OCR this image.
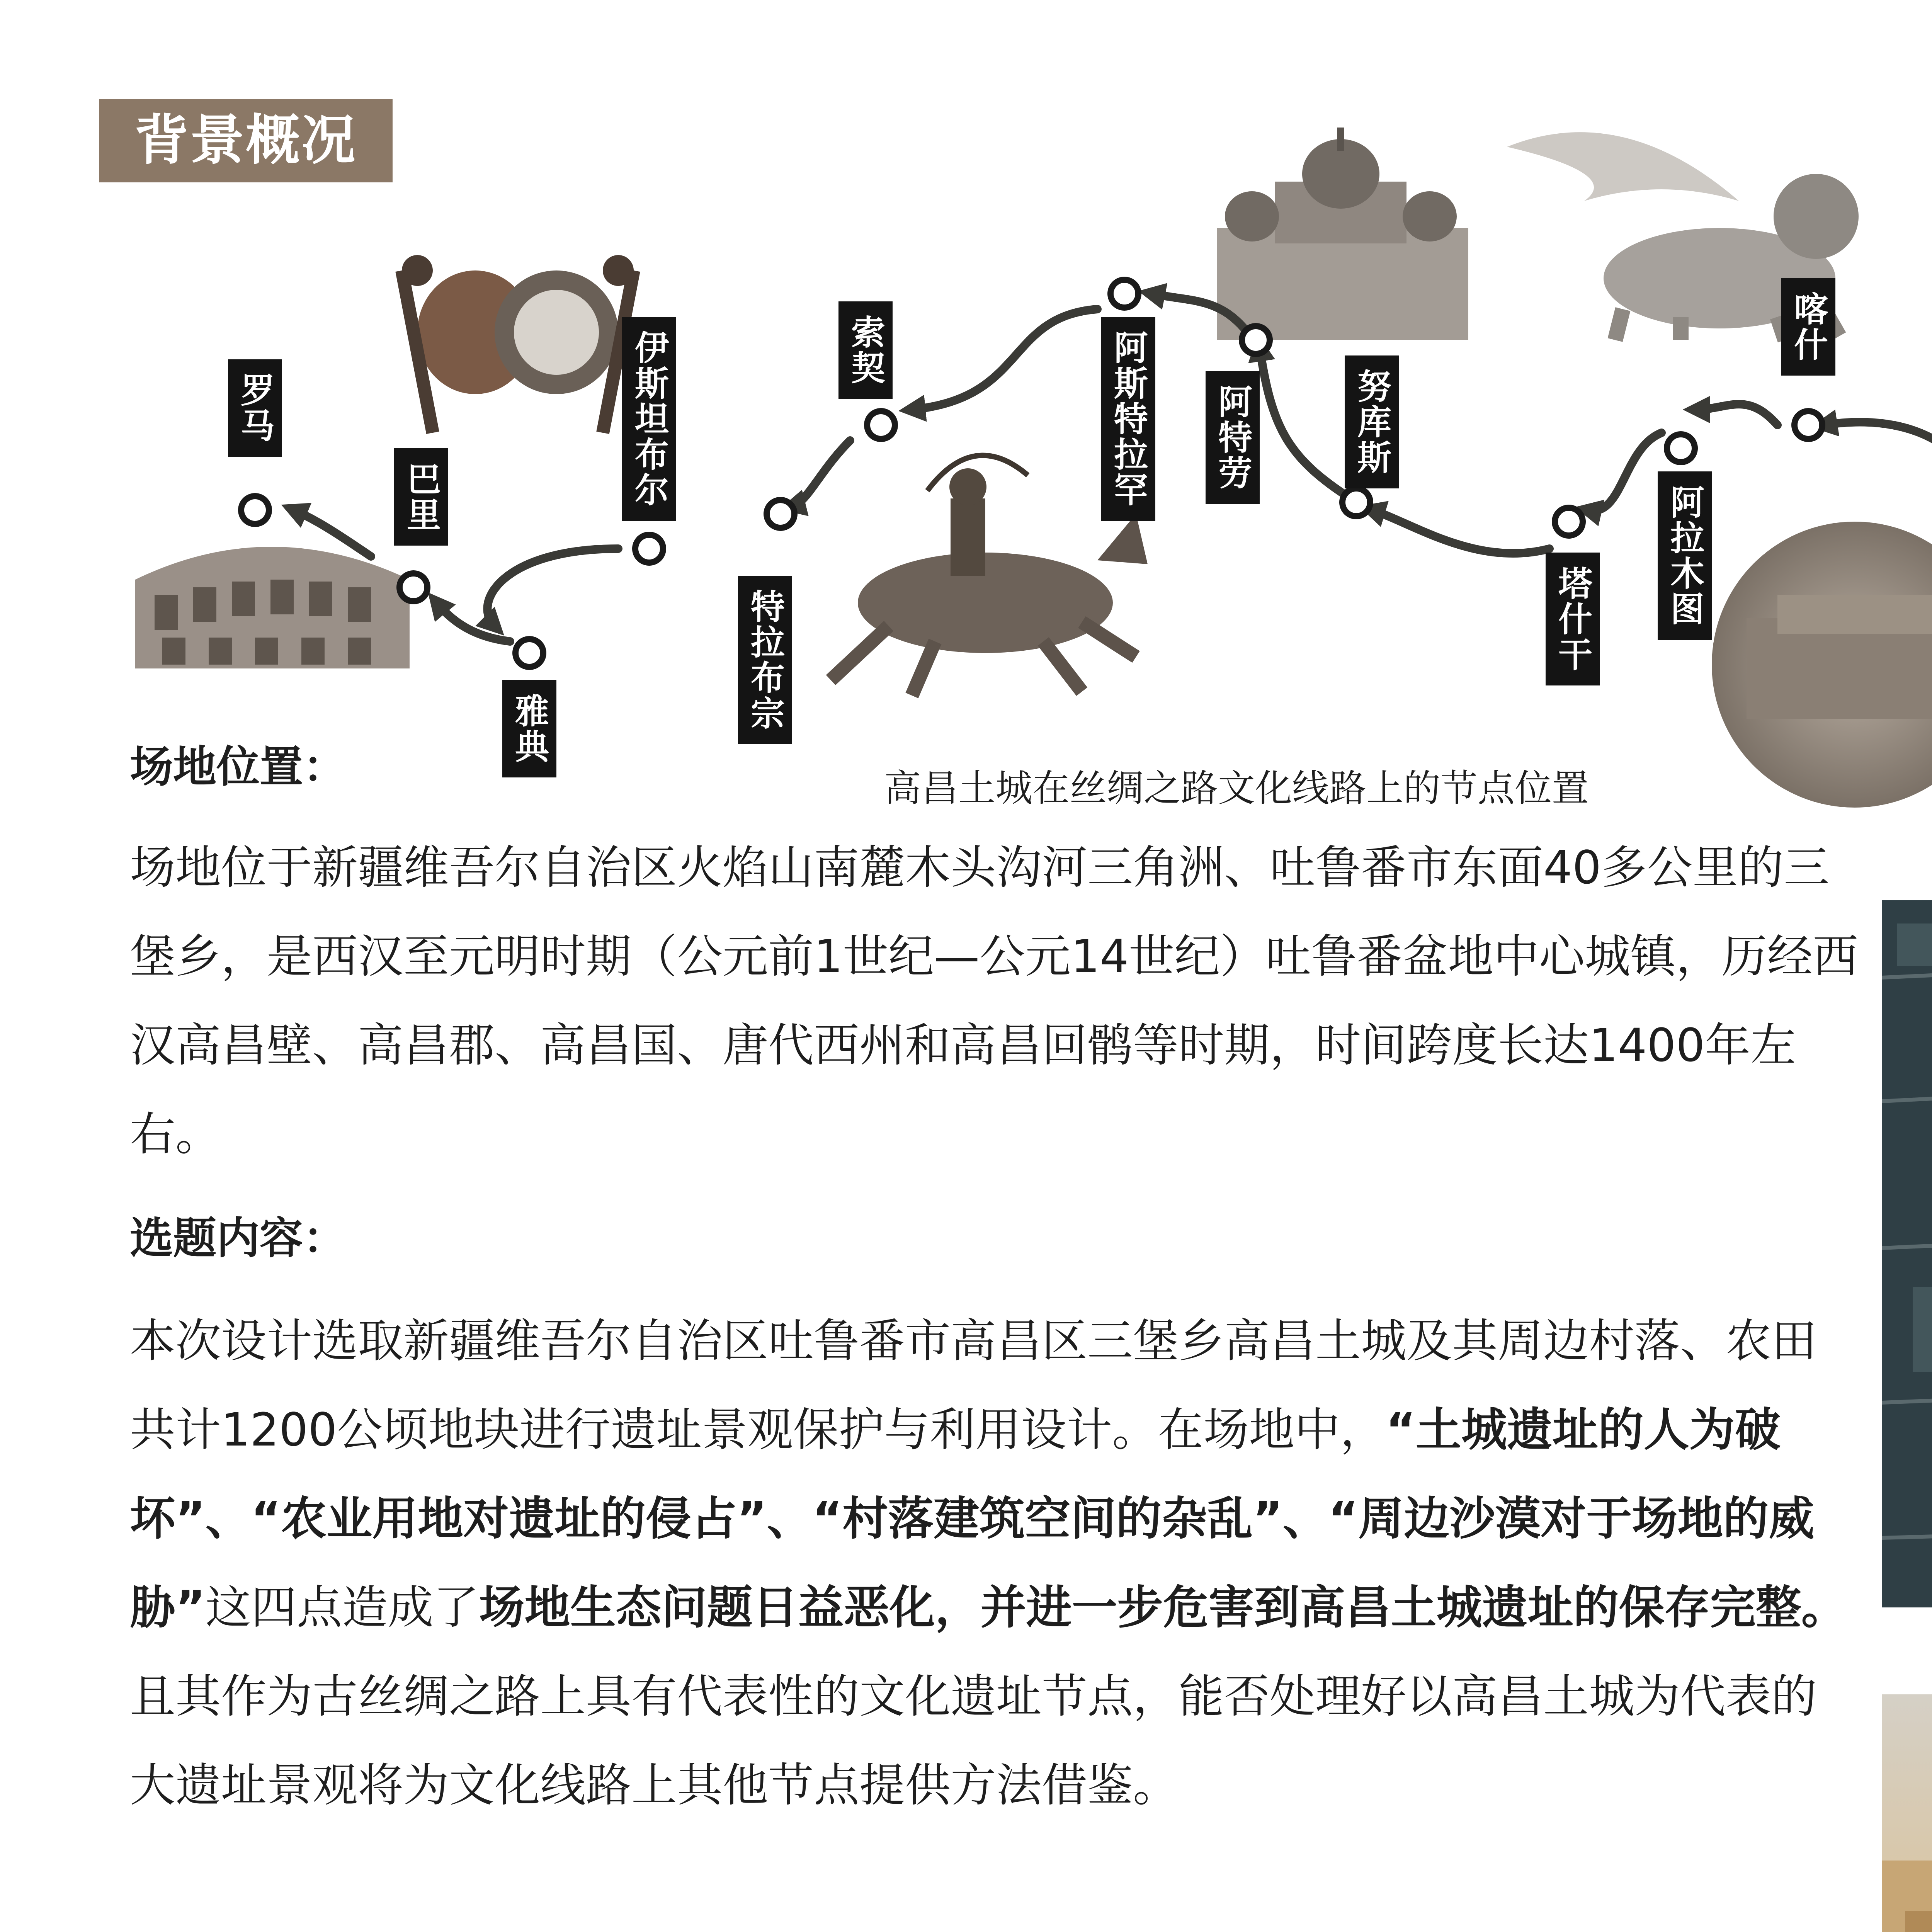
背景概况
罗马
巴里
雅典
伊斯坦布尔
特拉布宗
索契	阿斯特拉罕 阿特劳	努库斯
塔什干 阿拉木图
喀什
高昌土城在丝绸之路文化线路上的节点位置
场地位置：
场地位于新疆维吾尔自治区火焰山南麓木头沟河三角洲、吐鲁番市东面40多公里的三堡乡，是西汉至元明时期（公元前1世纪—公元14世纪）吐鲁番盆地中心城镇，历经西汉高昌壁、高昌郡、高昌国、唐代西州和高昌回鹘等时期，时间跨度长达1400年左右。
选题内容：
本次设计选取新疆维吾尔自治区吐鲁番市高昌区三堡乡高昌土城及其周边村落、农田共计1200公顷地块进行遗址景观保护与利用设计。在场地中，“土城遗址的人为破坏”、“农业用地对遗址的侵占”、“村落建筑空间的杂乱”、“周边沙漠对于场地的威胁”这四点造成了场地生态问题日益恶化，并进一步危害到高昌土城遗址的保存完整。且其作为古丝绸之路上具有代表性的文化遗址节点，能否处理好以高昌土城为代表的大遗址景观将为文化线路上其他节点提供方法借鉴。
